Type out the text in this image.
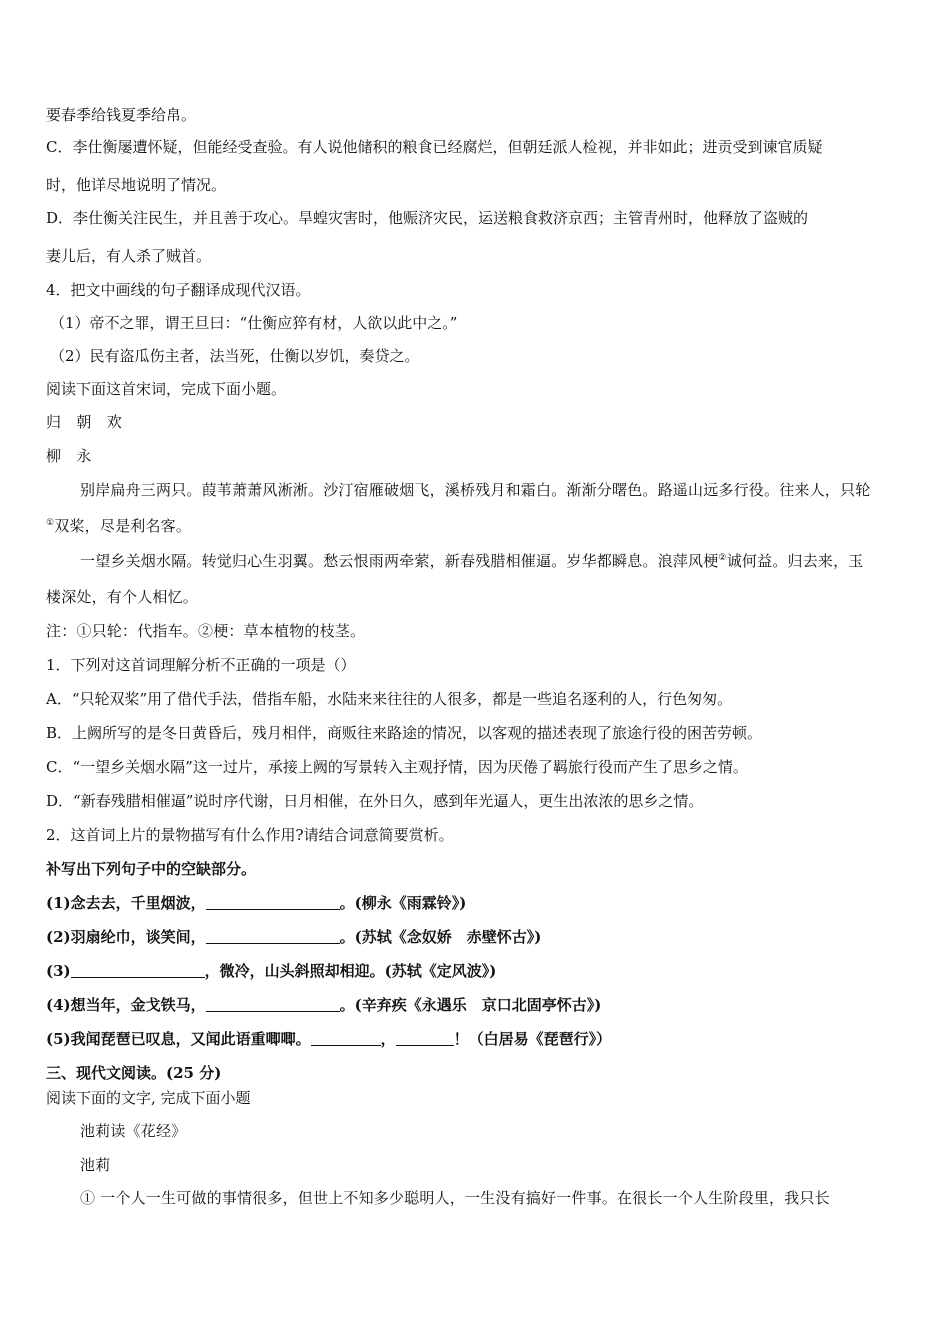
要春季给钱夏季给帛。

C．李仕衡屡遭怀疑，但能经受查验。有人说他储积的粮食已经腐烂，但朝廷派人检视，并非如此；进贡受到谏官质疑

时，他详尽地说明了情况。

D．李仕衡关注民生，并且善于攻心。旱蝗灾害时，他赈济灾民，运送粮食救济京西；主管青州时，他释放了盗贼的

妻儿后，有人杀了贼首。

4．把文中画线的句子翻译成现代汉语。

（1）帝不之罪，谓王旦曰：“仕衡应猝有材，人欲以此中之。”

（2）民有盗瓜伤主者，法当死，仕衡以岁饥，奏贷之。

阅读下面这首宋词，完成下面小题。

归　朝　欢

柳　永

别岸扁舟三两只。葭苇萧萧风淅淅。沙汀宿雁破烟飞，溪桥残月和霜白。渐渐分曙色。路遥山远多行役。往来人，只轮

①双桨，尽是利名客。

一望乡关烟水隔。转觉归心生羽翼。愁云恨雨两牵萦，新春残腊相催逼。岁华都瞬息。浪萍风梗②诚何益。归去来，玉

楼深处，有个人相忆。

注：①只轮：代指车。②梗：草本植物的枝茎。

1．下列对这首词理解分析不正确的一项是（）

A．“只轮双桨”用了借代手法，借指车船，水陆来来往往的人很多，都是一些追名逐利的人，行色匆匆。

B．上阙所写的是冬日黄昏后，残月相伴，商贩往来路途的情况，以客观的描述表现了旅途行役的困苦劳顿。

C．“一望乡关烟水隔”这一过片，承接上阙的写景转入主观抒情，因为厌倦了羁旅行役而产生了思乡之情。

D．“新春残腊相催逼”说时序代谢，日月相催，在外日久，感到年光逼人，更生出浓浓的思乡之情。

2．这首词上片的景物描写有什么作用?请结合词意简要赏析。

补写出下列句子中的空缺部分。

(1)念去去，千里烟波，	。(柳永《雨霖铃》)

(2)羽扇纶巾，谈笑间，	。(苏轼《念奴娇　赤壁怀古》)

(3)	，微冷，山头斜照却相迎。(苏轼《定风波》)

(4)想当年，金戈铁马，	。(辛弃疾《永遇乐　京口北固亭怀古》)

(5)我闻琵琶已叹息，又闻此语重唧唧。	，	！（白居易《琵琶行》）

三、现代文阅读。(25 分)

阅读下面的文字, 完成下面小题

池莉读《花经》

池莉

① 一个人一生可做的事情很多，但世上不知多少聪明人，一生没有搞好一件事。在很长一个人生阶段里，我只长
